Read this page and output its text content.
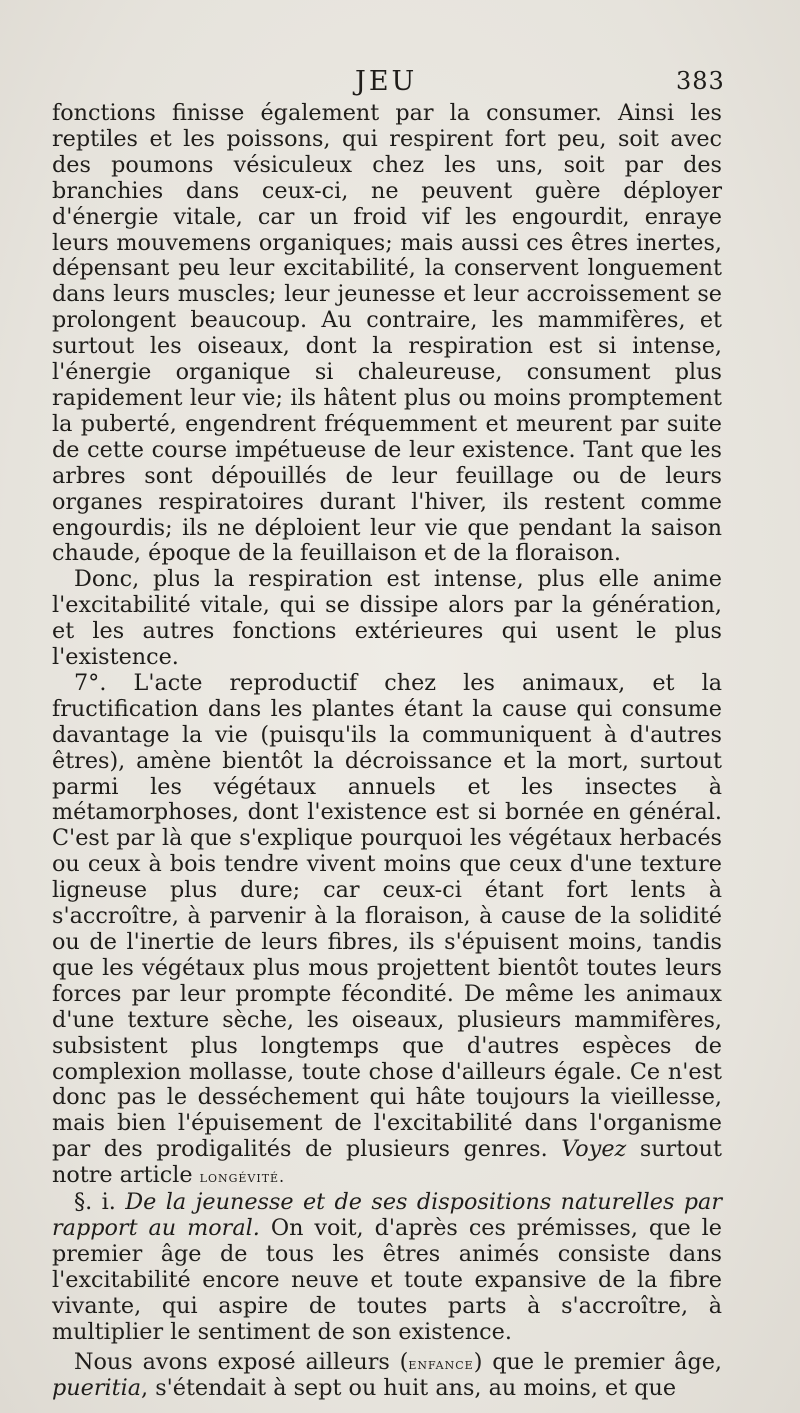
JEU	383

fonctions finisse également par la consumer. Ainsi les reptiles et les poissons, qui respirent fort peu, soit avec des poumons vésiculeux chez les uns, soit par des branchies dans ceux-ci, ne peuvent guère déployer d'énergie vitale, car un froid vif les engourdit, enraye leurs mouvemens organiques; mais aussi ces êtres inertes, dépensant peu leur excitabilité, la conservent longuement dans leurs muscles; leur jeunesse et leur accroissement se prolongent beaucoup. Au contraire, les mammifères, et surtout les oiseaux, dont la respiration est si intense, l'énergie organique si chaleureuse, consument plus rapidement leur vie; ils hâtent plus ou moins promptement la puberté, engendrent fréquemment et meurent par suite de cette course impétueuse de leur existence. Tant que les arbres sont dépouillés de leur feuillage ou de leurs organes respiratoires durant l'hiver, ils restent comme engourdis; ils ne déploient leur vie que pendant la saison chaude, époque de la feuillaison et de la floraison.

Donc, plus la respiration est intense, plus elle anime l'excitabilité vitale, qui se dissipe alors par la génération, et les autres fonctions extérieures qui usent le plus l'existence.

7°. L'acte reproductif chez les animaux, et la fructification dans les plantes étant la cause qui consume davantage la vie (puisqu'ils la communiquent à d'autres êtres), amène bientôt la décroissance et la mort, surtout parmi les végétaux annuels et les insectes à métamorphoses, dont l'existence est si bornée en général. C'est par là que s'explique pourquoi les végétaux herbacés ou ceux à bois tendre vivent moins que ceux d'une texture ligneuse plus dure; car ceux-ci étant fort lents à s'accroître, à parvenir à la floraison, à cause de la solidité ou de l'inertie de leurs fibres, ils s'épuisent moins, tandis que les végétaux plus mous projettent bientôt toutes leurs forces par leur prompte fécondité. De même les animaux d'une texture sèche, les oiseaux, plusieurs mammifères, subsistent plus longtemps que d'autres espèces de complexion mollasse, toute chose d'ailleurs égale. Ce n'est donc pas le desséchement qui hâte toujours la vieillesse, mais bien l'épuisement de l'excitabilité dans l'organisme par des prodigalités de plusieurs genres. Voyez surtout notre article longévité.

§. i. De la jeunesse et de ses dispositions naturelles par rapport au moral. On voit, d'après ces prémisses, que le premier âge de tous les êtres animés consiste dans l'excitabilité encore neuve et toute expansive de la fibre vivante, qui aspire de toutes parts à s'accroître, à multiplier le sentiment de son existence.

Nous avons exposé ailleurs (enfance) que le premier âge, pueritia, s'étendait à sept ou huit ans, au moins, et que
